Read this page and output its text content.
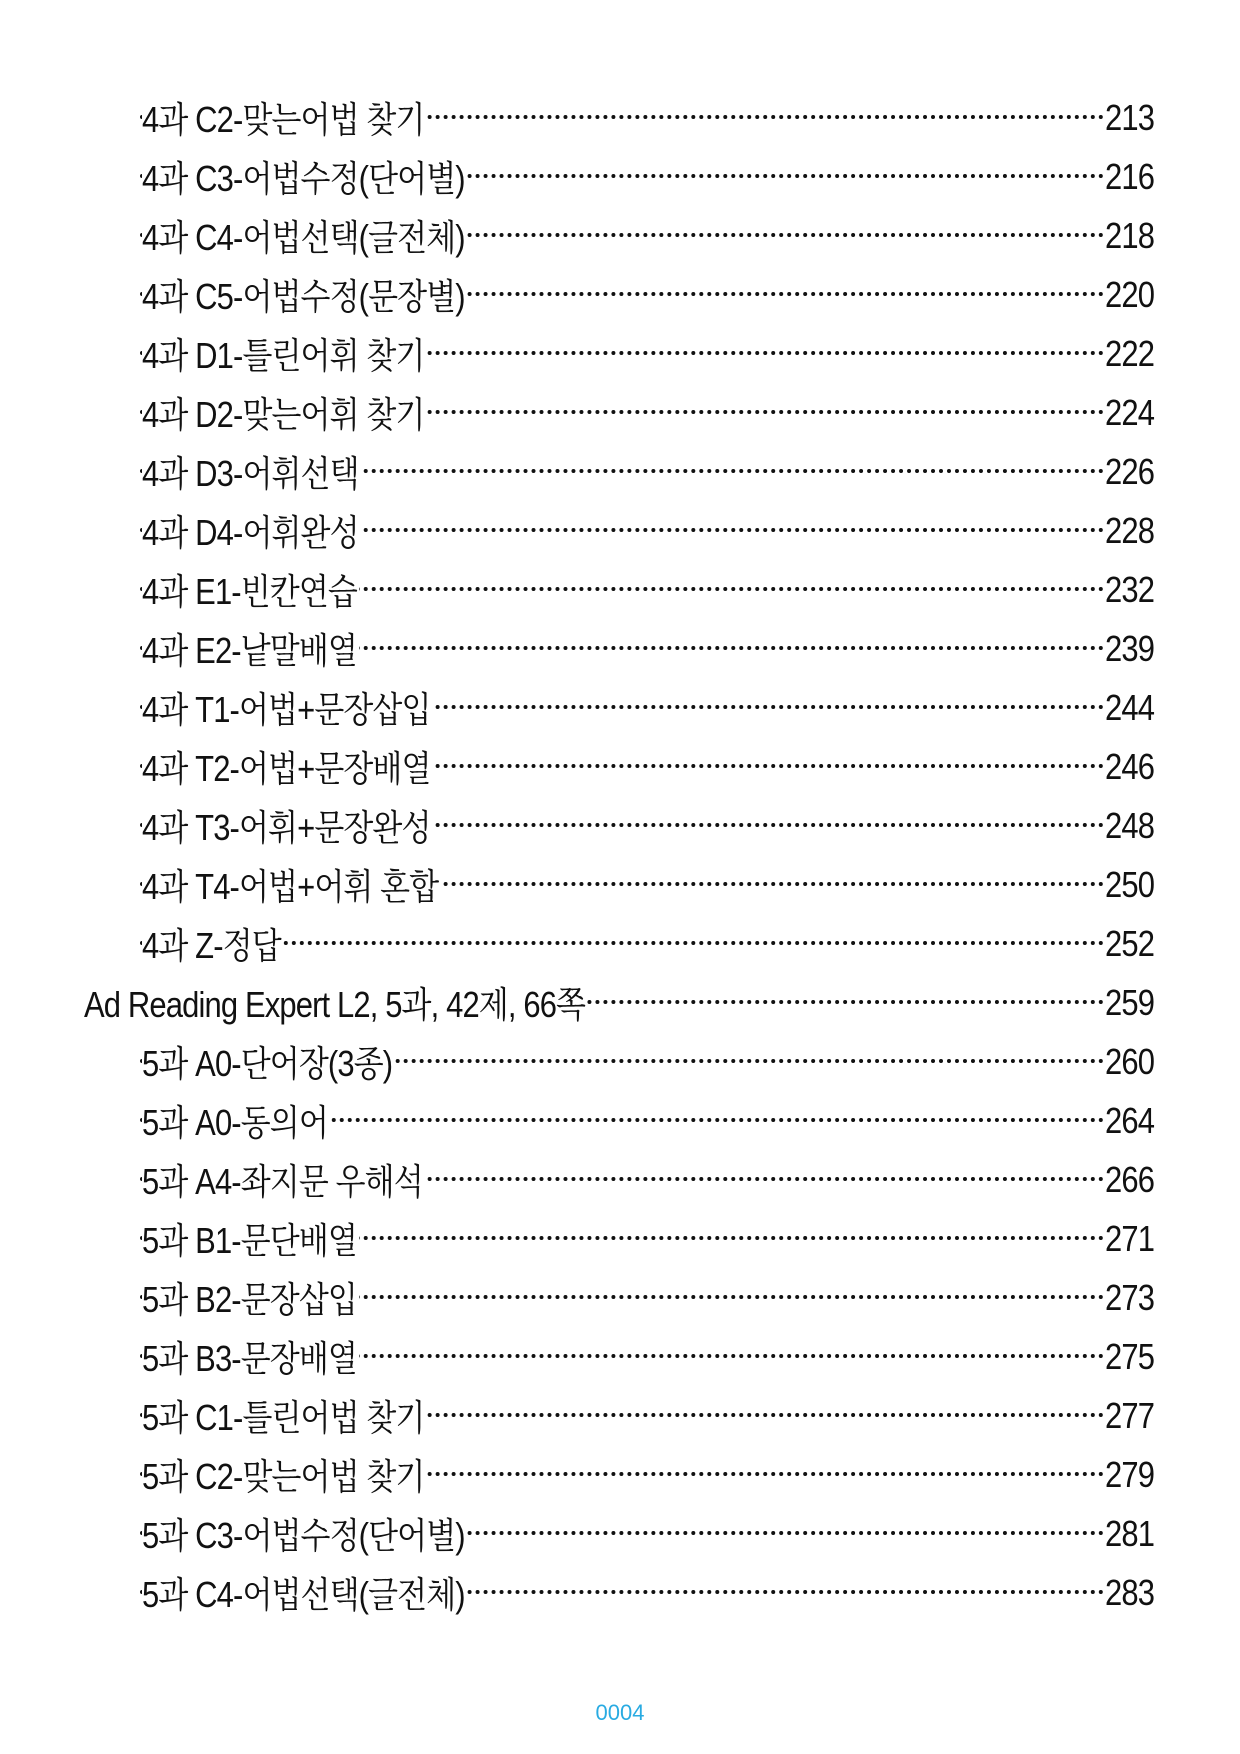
4과 C2-맞는어법 찾기	213
4과 C3-어법수정(단어별)	216
4과 C4-어법선택(글전체)	218
4과 C5-어법수정(문장별)	220
4과 D1-틀린어휘 찾기	222
4과 D2-맞는어휘 찾기	224
4과 D3-어휘선택	226
4과 D4-어휘완성	228
4과 E1-빈칸연습	232
4과 E2-낱말배열	239
4과 T1-어법+문장삽입	244
4과 T2-어법+문장배열	246
4과 T3-어휘+문장완성	248
4과 T4-어법+어휘 혼합	250
4과 Z-정답	252
Ad Reading Expert L2, 5과, 42제, 66쪽	259
5과 A0-단어장(3종)	260
5과 A0-동의어	264
5과 A4-좌지문 우해석	266
5과 B1-문단배열	271
5과 B2-문장삽입	273
5과 B3-문장배열	275
5과 C1-틀린어법 찾기	277
5과 C2-맞는어법 찾기	279
5과 C3-어법수정(단어별)	281
5과 C4-어법선택(글전체)	283
0004
